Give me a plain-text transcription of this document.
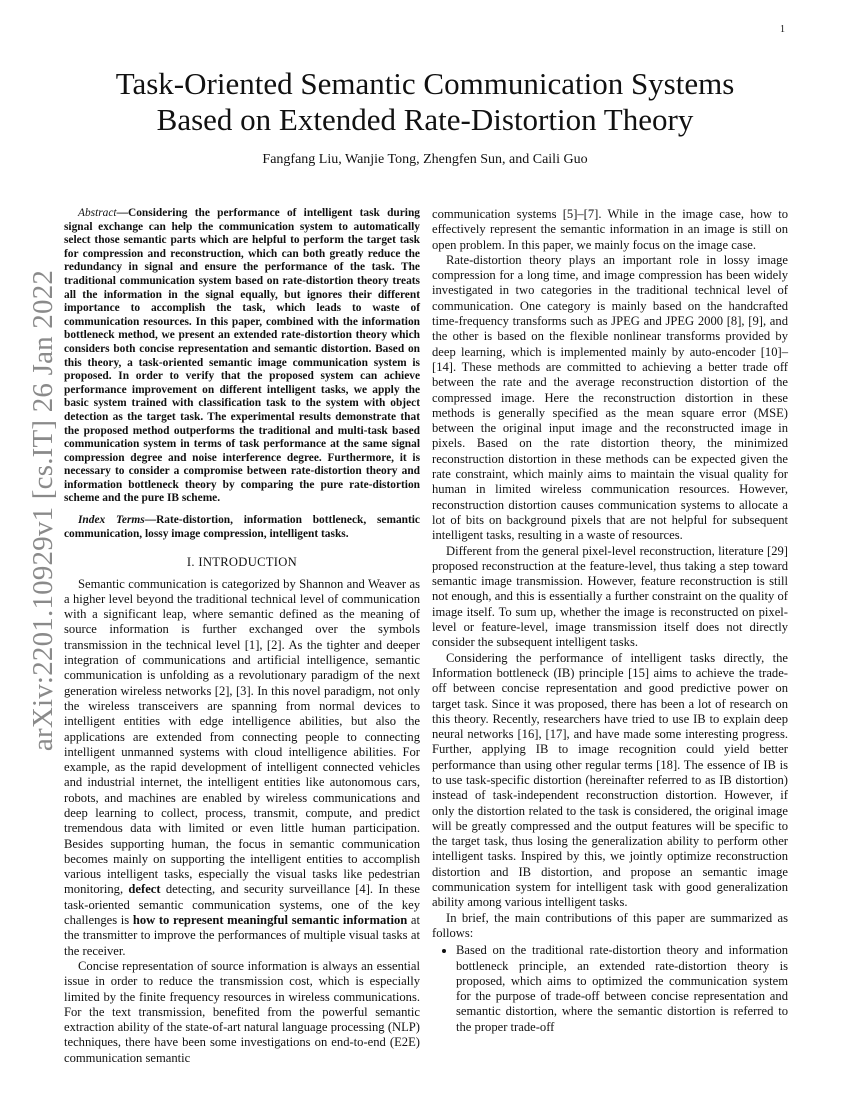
1
arXiv:2201.10929v1 [cs.IT] 26 Jan 2022
Task-Oriented Semantic Communication Systems
Based on Extended Rate-Distortion Theory
Fangfang Liu, Wanjie Tong, Zhengfen Sun, and Caili Guo

Abstract—Considering the performance of intelligent task during signal exchange can help the communication system to automatically select those semantic parts which are helpful to perform the target task for compression and reconstruction, which can both greatly reduce the redundancy in signal and ensure the performance of the task. The traditional communication system based on rate-distortion theory treats all the information in the signal equally, but ignores their different importance to accomplish the task, which leads to waste of communication resources. In this paper, combined with the information bottleneck method, we present an extended rate-distortion theory which considers both concise representation and semantic distortion. Based on this theory, a task-oriented semantic image communication system is proposed. In order to verify that the proposed system can achieve performance improvement on different intelligent tasks, we apply the basic system trained with classification task to the system with object detection as the target task. The experimental results demonstrate that the proposed method outperforms the traditional and multi-task based communication system in terms of task performance at the same signal compression degree and noise interference degree. Furthermore, it is necessary to consider a compromise between rate-distortion theory and information bottleneck theory by comparing the pure rate-distortion scheme and the pure IB scheme.

Index Terms—Rate-distortion, information bottleneck, semantic communication, lossy image compression, intelligent tasks.

I. INTRODUCTION

Semantic communication is categorized by Shannon and Weaver as a higher level beyond the traditional technical level of communication with a significant leap, where semantic defined as the meaning of source information is further exchanged over the symbols transmission in the technical level [1], [2]. As the tighter and deeper integration of communications and artificial intelligence, semantic communication is unfolding as a revolutionary paradigm of the next generation wireless networks [2], [3]. In this novel paradigm, not only the wireless transceivers are spanning from normal devices to intelligent entities with edge intelligence abilities, but also the applications are extended from connecting people to connecting intelligent unmanned systems with cloud intelligence abilities. For example, as the rapid development of intelligent connected vehicles and industrial internet, the intelligent entities like autonomous cars, robots, and machines are enabled by wireless communications and deep learning to collect, process, transmit, compute, and predict tremendous data with limited or even little human participation. Besides supporting human, the focus in semantic communication becomes mainly on supporting the intelligent entities to accomplish various intelligent tasks, especially the visual tasks like pedestrian monitoring, defect detecting, and security surveillance [4]. In these task-oriented semantic communication systems, one of the key challenges is how to represent meaningful semantic information at the transmitter to improve the performances of multiple visual tasks at the receiver.

Concise representation of source information is always an essential issue in order to reduce the transmission cost, which is especially limited by the finite frequency resources in wireless communications. For the text transmission, benefited from the powerful semantic extraction ability of the state-of-art natural language processing (NLP) techniques, there have been some investigations on end-to-end (E2E) communication semantic

communication systems [5]–[7]. While in the image case, how to effectively represent the semantic information in an image is still on open problem. In this paper, we mainly focus on the image case.

Rate-distortion theory plays an important role in lossy image compression for a long time, and image compression has been widely investigated in two categories in the traditional technical level of communication. One category is mainly based on the handcrafted time-frequency transforms such as JPEG and JPEG 2000 [8], [9], and the other is based on the flexible nonlinear transforms provided by deep learning, which is implemented mainly by auto-encoder [10]–[14]. These methods are committed to achieving a better trade off between the rate and the average reconstruction distortion of the compressed image. Here the reconstruction distortion in these methods is generally specified as the mean square error (MSE) between the original input image and the reconstructed image in pixels. Based on the rate distortion theory, the minimized reconstruction distortion in these methods can be expected given the rate constraint, which mainly aims to maintain the visual quality for human in limited wireless communication resources. However, reconstruction distortion causes communication systems to allocate a lot of bits on background pixels that are not helpful for subsequent intelligent tasks, resulting in a waste of resources.

Different from the general pixel-level reconstruction, literature [29] proposed reconstruction at the feature-level, thus taking a step toward semantic image transmission. However, feature reconstruction is still not enough, and this is essentially a further constraint on the quality of image itself. To sum up, whether the image is reconstructed on pixel-level or feature-level, image transmission itself does not directly consider the subsequent intelligent tasks.

Considering the performance of intelligent tasks directly, the Information bottleneck (IB) principle [15] aims to achieve the trade-off between concise representation and good predictive power on target task. Since it was proposed, there has been a lot of research on this theory. Recently, researchers have tried to use IB to explain deep neural networks [16], [17], and have made some interesting progress. Further, applying IB to image recognition could yield better performance than using other regular terms [18]. The essence of IB is to use task-specific distortion (hereinafter referred to as IB distortion) instead of task-independent reconstruction distortion. However, if only the distortion related to the task is considered, the original image will be greatly compressed and the output features will be specific to the target task, thus losing the generalization ability to perform other intelligent tasks. Inspired by this, we jointly optimize reconstruction distortion and IB distortion, and propose an semantic image communication system for intelligent task with good generalization ability among various intelligent tasks.

In brief, the main contributions of this paper are summarized as follows:

• Based on the traditional rate-distortion theory and information bottleneck principle, an extended rate-distortion theory is proposed, which aims to optimized the communication system for the purpose of trade-off between concise representation and semantic distortion, where the semantic distortion is referred to the proper trade-off
